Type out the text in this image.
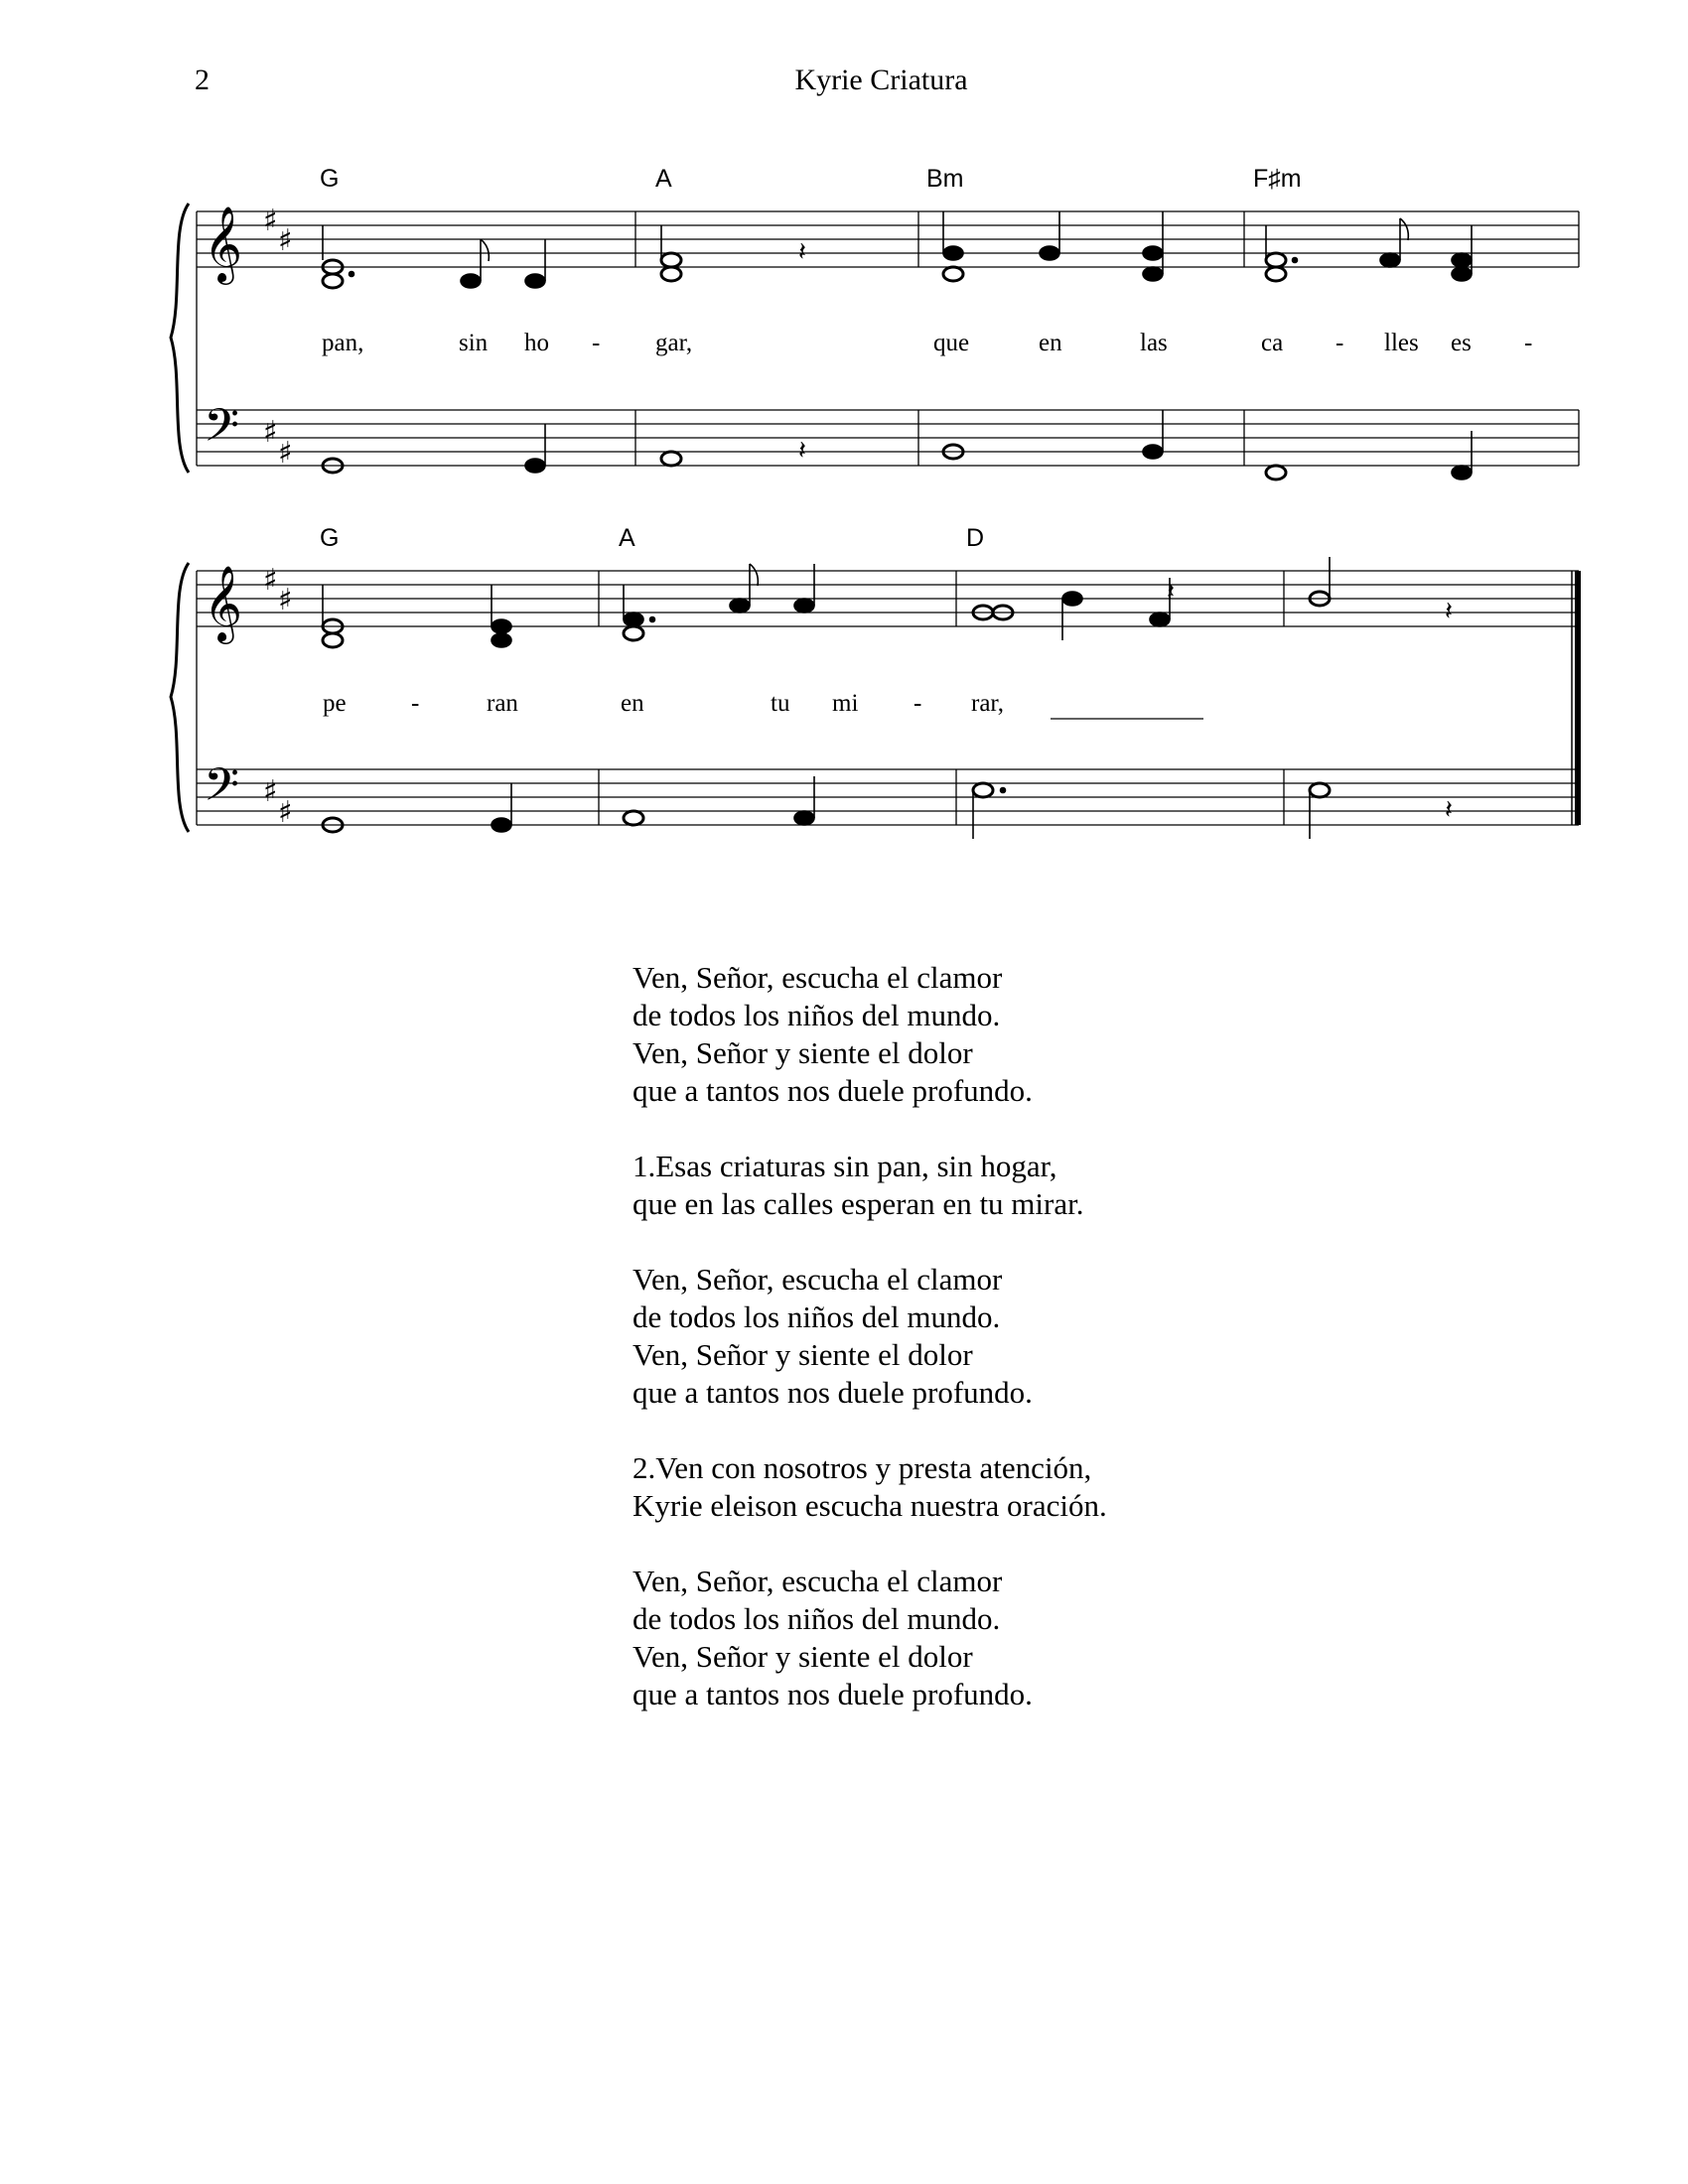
2	Kyrie Criatura
𝄞
𝄢
𝄞
𝄢
♯
♯
♯
♯
♯
♯
♯
♯
𝄽
𝄽
𝄽
𝄽
𝄽
G	A	Bm	F♯m
G	A	D
pan,	sin ho - gar,	que	en	las	ca - lles es -
pe	-	ran	en	tu mi - rar,
Ven, Señor, escucha el clamor
de todos los niños del mundo.
Ven, Señor y siente el dolor
que a tantos nos duele profundo.
1.Esas criaturas sin pan, sin hogar,
que en las calles esperan en tu mirar.
Ven, Señor, escucha el clamor
de todos los niños del mundo.
Ven, Señor y siente el dolor
que a tantos nos duele profundo.
2.Ven con nosotros y presta atención,
Kyrie eleison escucha nuestra oración.
Ven, Señor, escucha el clamor
de todos los niños del mundo.
Ven, Señor y siente el dolor
que a tantos nos duele profundo.
